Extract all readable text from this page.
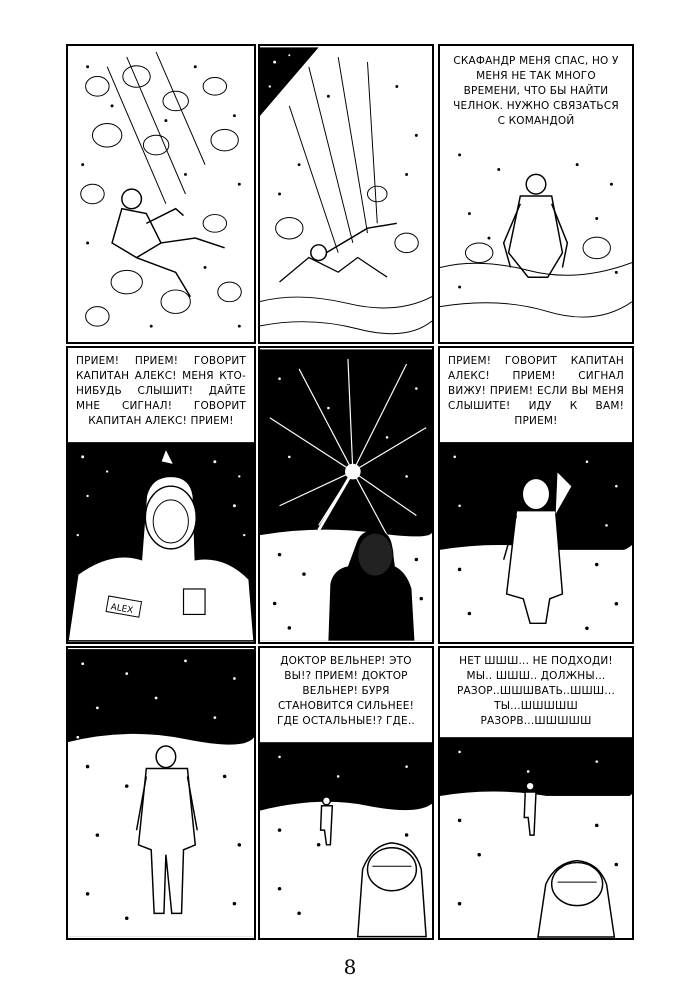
СКАФАНДР МЕНЯ СПАС, НО У МЕНЯ НЕ ТАК МНОГО ВРЕМЕНИ, ЧТО БЫ НАЙТИ ЧЕЛНОК. НУЖНО СВЯЗАТЬСЯ С КОМАНДОЙ
ALEX
ПРИЕМ! ПРИЕМ! ГОВОРИТ КАПИТАН АЛЕКС! МЕНЯ КТО-НИБУДЬ СЛЫШИТ! ДАЙТЕ МНЕ СИГНАЛ! ГОВОРИТ КАПИТАН АЛЕКС! ПРИЕМ!
ПРИЕМ! ГОВОРИТ КАПИТАН АЛЕКС! ПРИЕМ! СИГНАЛ ВИЖУ! ПРИЕМ! ЕСЛИ ВЫ МЕНЯ СЛЫШИТЕ! ИДУ К ВАМ! ПРИЕМ!
ДОКТОР ВЕЛЬНЕР! ЭТО ВЫ!? ПРИЕМ! ДОКТОР ВЕЛЬНЕР! БУРЯ СТАНОВИТСЯ СИЛЬНЕЕ! ГДЕ ОСТАЛЬНЫЕ!? ГДЕ..
НЕТ ШШШ... НЕ ПОДХОДИ! МЫ.. ШШШ.. ДОЛЖНЫ... РАЗОР..ШШШВАТЬ..ШШШ... ТЫ...ШШШШШ РАЗОРВ...ШШШШШ
8
